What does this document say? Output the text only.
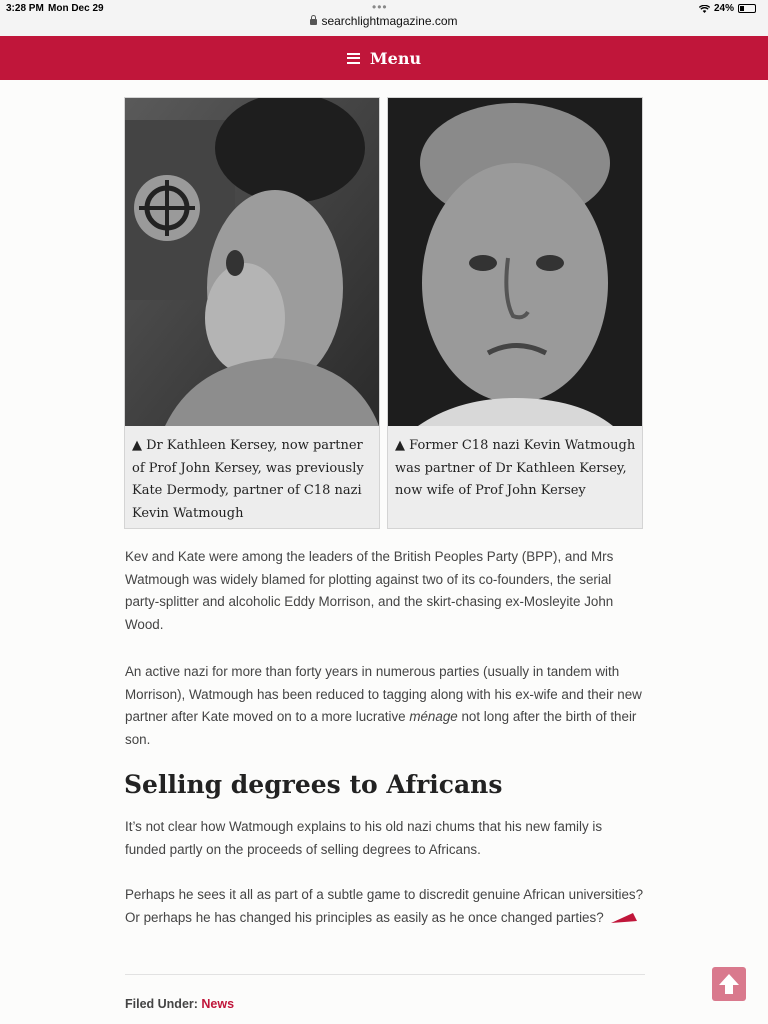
3:28 PM Mon Dec 29	•••	24%
searchlightmagazine.com
Menu
▲ Dr Kathleen Kersey, now partner of Prof John Kersey, was previously Kate Dermody, partner of C18 nazi Kevin Watmough
▲ Former C18 nazi Kevin Watmough was partner of Dr Kathleen Kersey, now wife of Prof John Kersey

Kev and Kate were among the leaders of the British Peoples Party (BPP), and Mrs Watmough was widely blamed for plotting against two of its co-founders, the serial party-splitter and alcoholic Eddy Morrison, and the skirt-chasing ex-Mosleyite John Wood.

An active nazi for more than forty years in numerous parties (usually in tandem with Morrison), Watmough has been reduced to tagging along with his ex-wife and their new partner after Kate moved on to a more lucrative ménage not long after the birth of their son.

Selling degrees to Africans

It’s not clear how Watmough explains to his old nazi chums that his new family is funded partly on the proceeds of selling degrees to Africans.

Perhaps he sees it all as part of a subtle game to discredit genuine African universities? Or perhaps he has changed his principles as easily as he once changed parties?

Filed Under: News
